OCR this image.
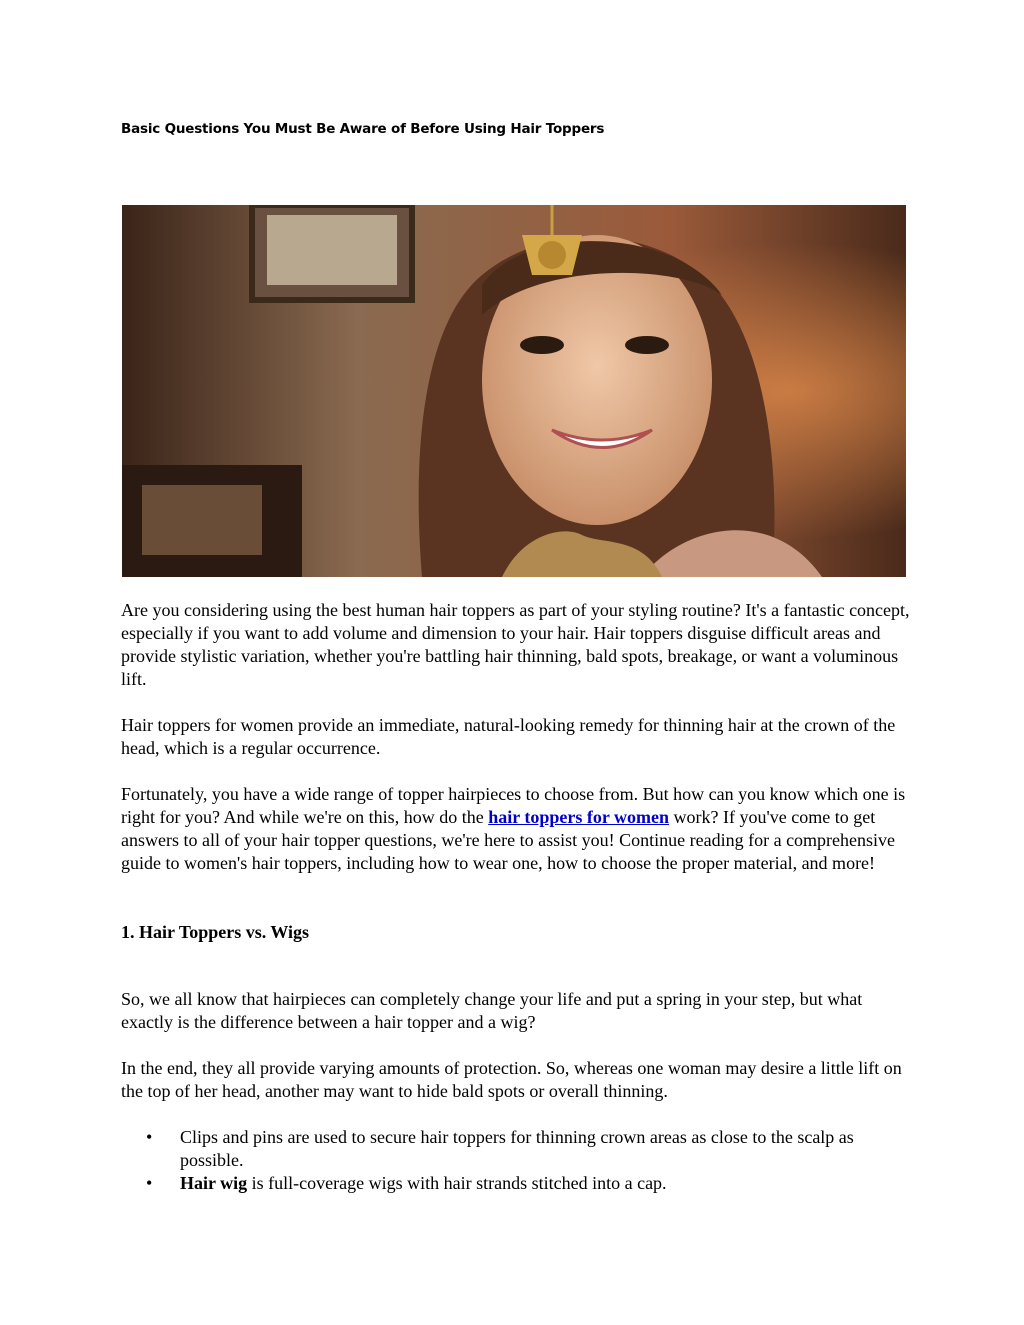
Basic Questions You Must Be Aware of Before Using Hair Toppers

Are you considering using the best human hair toppers as part of your styling routine? It's a fantastic concept, especially if you want to add volume and dimension to your hair. Hair toppers disguise difficult areas and provide stylistic variation, whether you're battling hair thinning, bald spots, breakage, or want a voluminous lift.

Hair toppers for women provide an immediate, natural-looking remedy for thinning hair at the crown of the head, which is a regular occurrence.

Fortunately, you have a wide range of topper hairpieces to choose from. But how can you know which one is right for you? And while we're on this, how do the hair toppers for women work? If you've come to get answers to all of your hair topper questions, we're here to assist you! Continue reading for a comprehensive guide to women's hair toppers, including how to wear one, how to choose the proper material, and more!

1. Hair Toppers vs. Wigs

So, we all know that hairpieces can completely change your life and put a spring in your step, but what exactly is the difference between a hair topper and a wig?

In the end, they all provide varying amounts of protection. So, whereas one woman may desire a little lift on the top of her head, another may want to hide bald spots or overall thinning.

• Clips and pins are used to secure hair toppers for thinning crown areas as close to the scalp as possible.
• Hair wig is full-coverage wigs with hair strands stitched into a cap.
